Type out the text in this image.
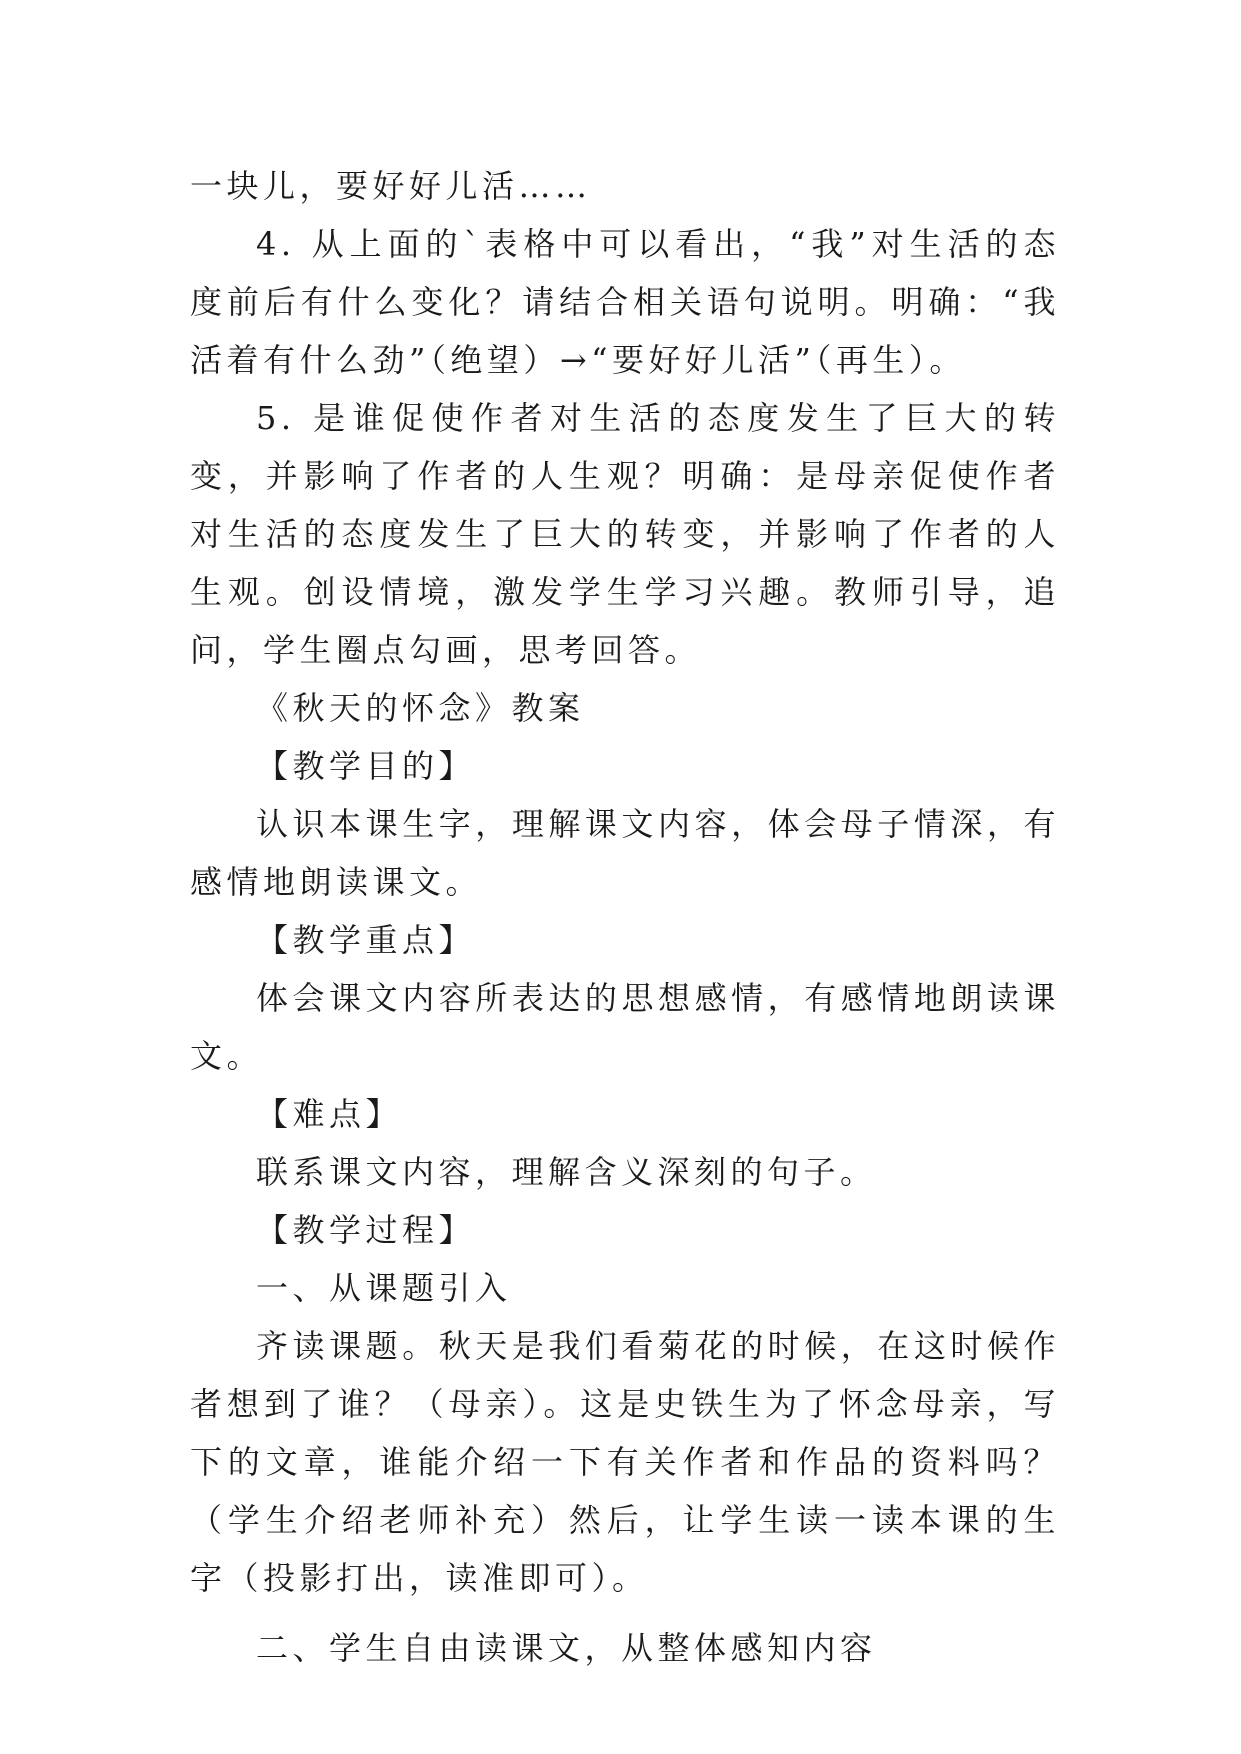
一块儿，要好好儿活……

4. 从上面的`表格中可以看出，“我”对生活的态度前后有什么变化？请结合相关语句说明。明确：“我活着有什么劲”（绝望）→“要好好儿活”（再生）。

5. 是谁促使作者对生活的态度发生了巨大的转变，并影响了作者的人生观？明确：是母亲促使作者对生活的态度发生了巨大的转变，并影响了作者的人生观。创设情境，激发学生学习兴趣。教师引导，追问，学生圈点勾画，思考回答。

《秋天的怀念》教案

【教学目的】

认识本课生字，理解课文内容，体会母子情深，有感情地朗读课文。

【教学重点】

体会课文内容所表达的思想感情，有感情地朗读课文。

【难点】

联系课文内容，理解含义深刻的句子。

【教学过程】

一、从课题引入

齐读课题。秋天是我们看菊花的时候，在这时候作者想到了谁？（母亲）。这是史铁生为了怀念母亲，写下的文章，谁能介绍一下有关作者和作品的资料吗？（学生介绍老师补充）然后，让学生读一读本课的生字（投影打出，读准即可）。

二、学生自由读课文，从整体感知内容
